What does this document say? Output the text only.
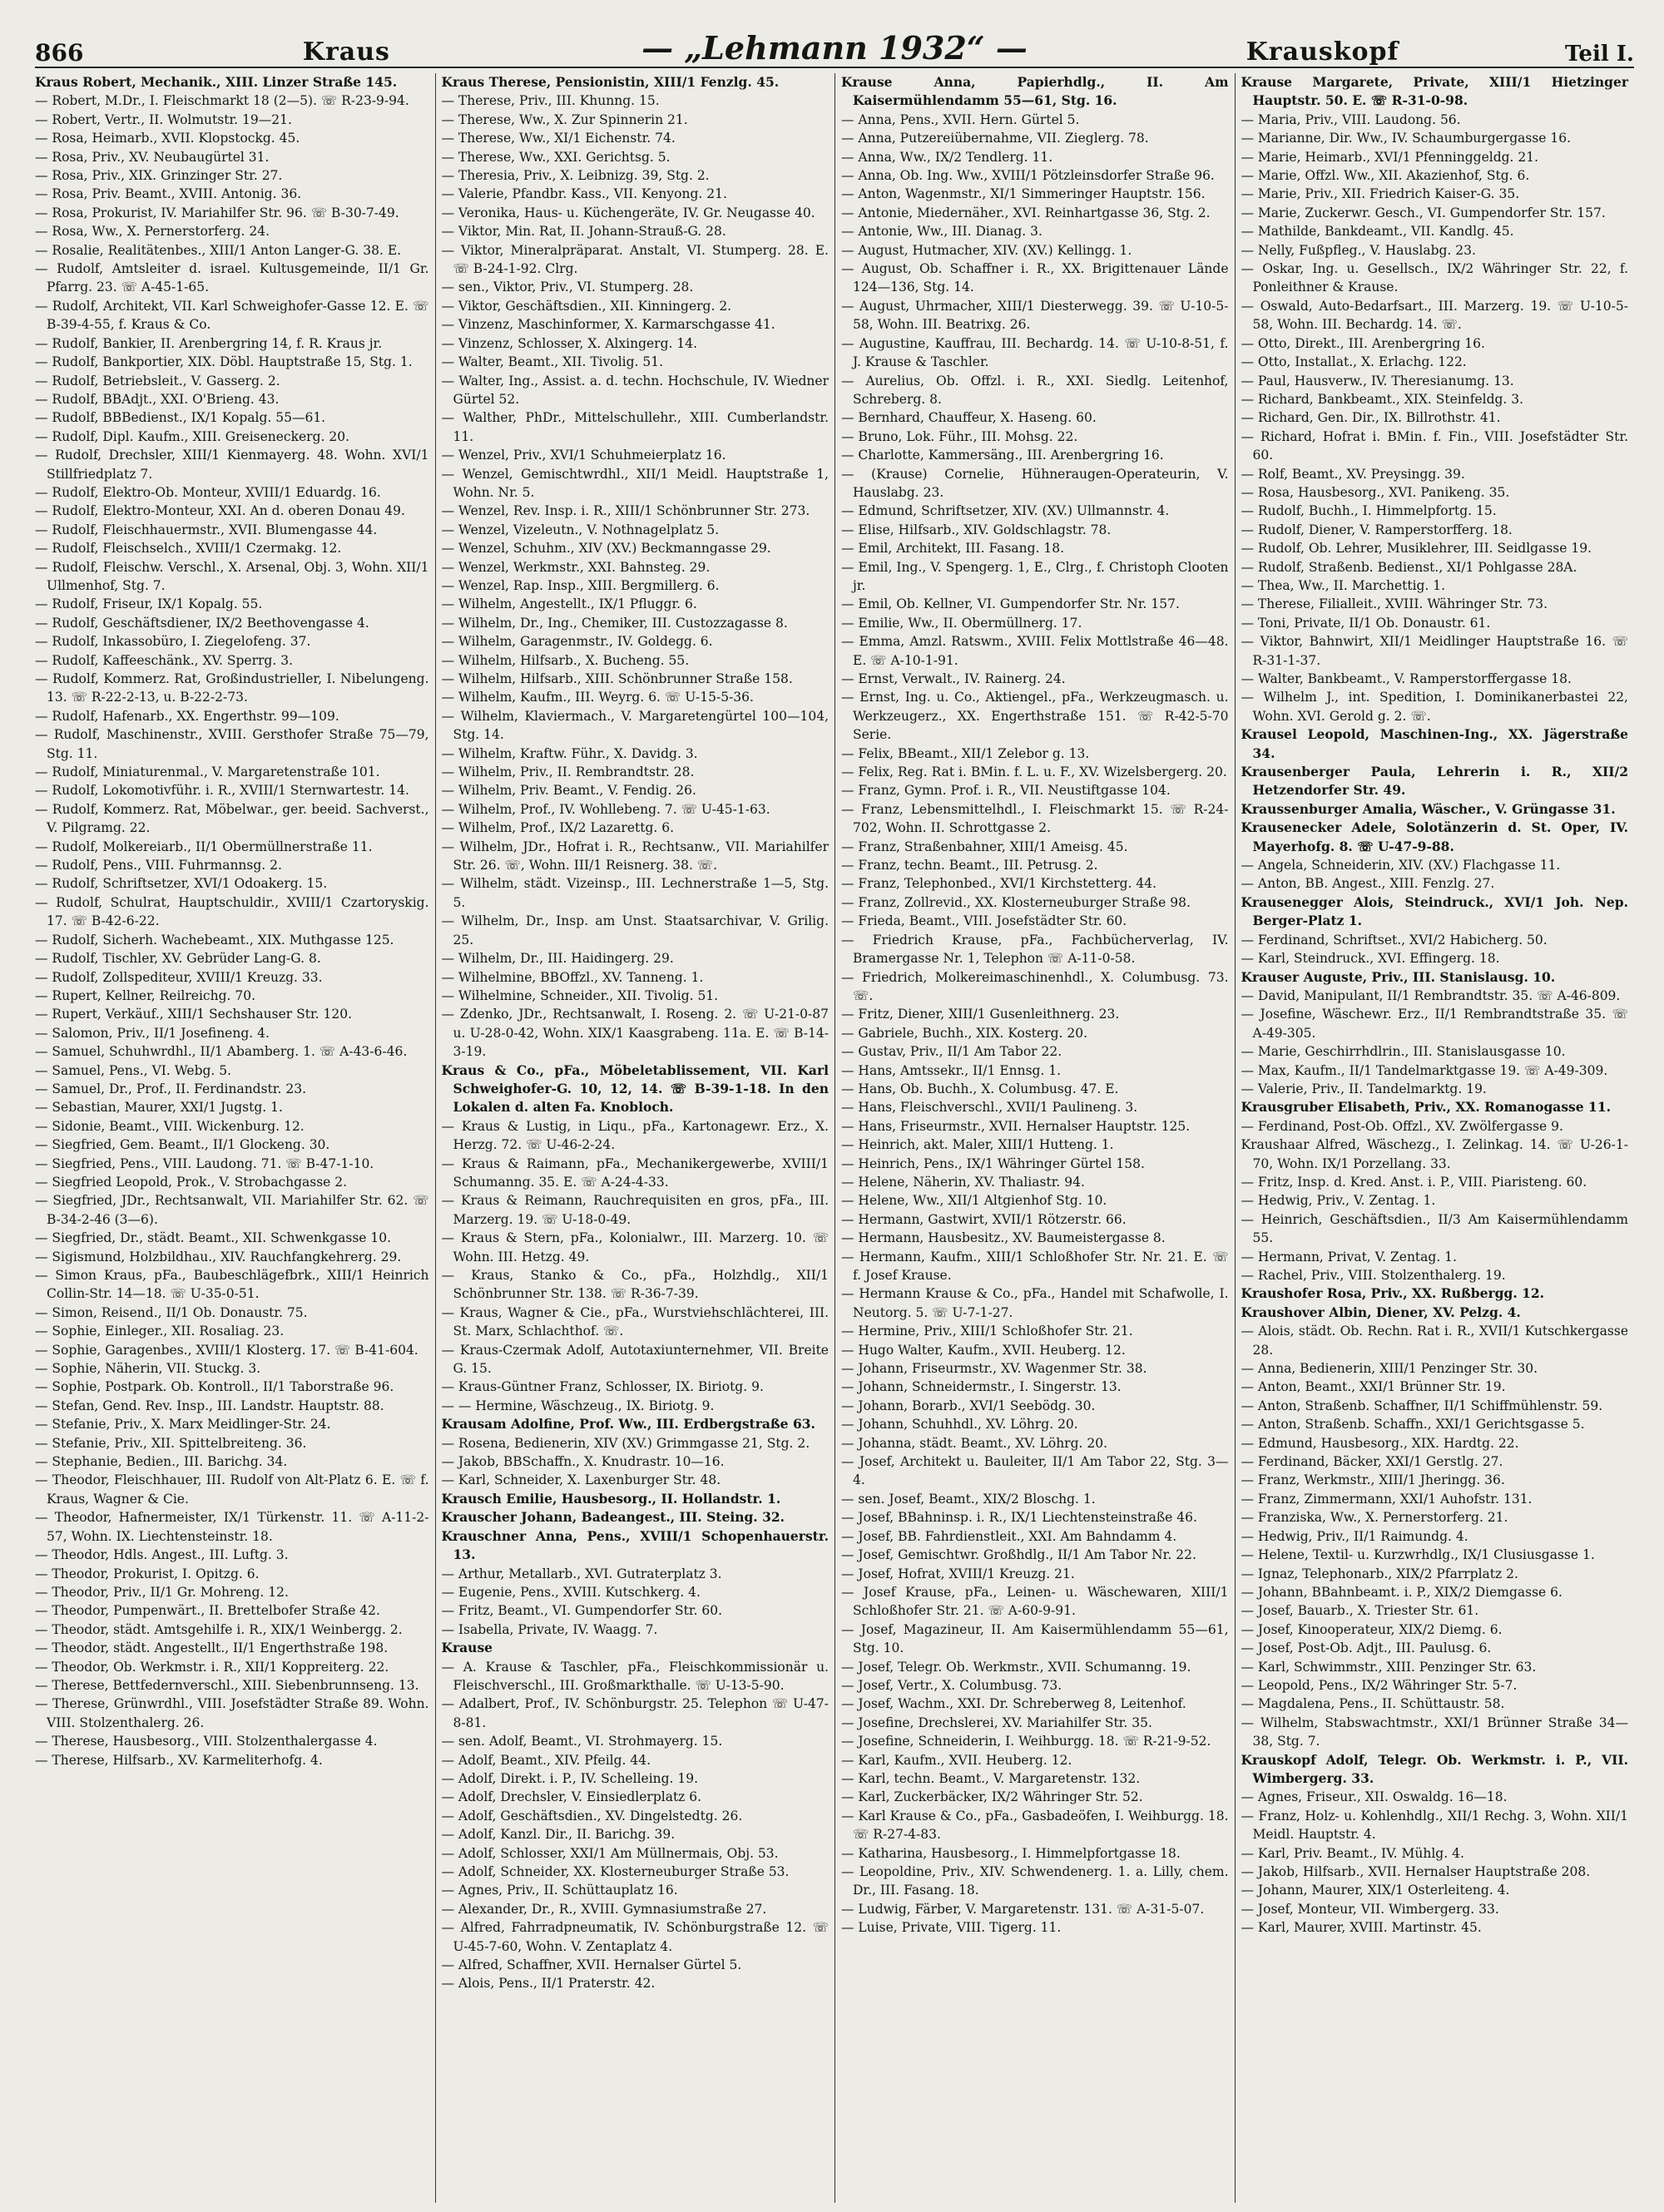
866	Kraus	— „Lehmann 1932“ —	Krauskopf	Teil I.

Kraus Robert, Mechanik., XIII. Linzer Straße 145.

— Robert, M.Dr., I. Fleischmarkt 18 (2—5). ☏ R-23-9-94.

— Robert, Vertr., II. Wolmutstr. 19—21.

— Rosa, Heimarb., XVII. Klopstockg. 45.

— Rosa, Priv., XV. Neubaugürtel 31.

— Rosa, Priv., XIX. Grinzinger Str. 27.

— Rosa, Priv. Beamt., XVIII. Antonig. 36.

— Rosa, Prokurist, IV. Mariahilfer Str. 96. ☏ B-30-7-49.

— Rosa, Ww., X. Pernerstorferg. 24.

— Rosalie, Realitätenbes., XIII/1 Anton Langer-G. 38. E.

— Rudolf, Amtsleiter d. israel. Kultusgemeinde, II/1 Gr. Pfarrg. 23. ☏ A-45-1-65.

— Rudolf, Architekt, VII. Karl Schweighofer-Gasse 12. E. ☏ B-39-4-55, f. Kraus & Co.

— Rudolf, Bankier, II. Arenbergring 14, f. R. Kraus jr.

— Rudolf, Bankportier, XIX. Döbl. Hauptstraße 15, Stg. 1.

— Rudolf, Betriebsleit., V. Gasserg. 2.

— Rudolf, BBAdjt., XXI. O'Brieng. 43.

— Rudolf, BBBedienst., IX/1 Kopalg. 55—61.

— Rudolf, Dipl. Kaufm., XIII. Greiseneckerg. 20.

— Rudolf, Drechsler, XIII/1 Kienmayerg. 48. Wohn. XVI/1 Stillfriedplatz 7.

— Rudolf, Elektro-Ob. Monteur, XVIII/1 Eduardg. 16.

— Rudolf, Elektro-Monteur, XXI. An d. oberen Donau 49.

— Rudolf, Fleischhauermstr., XVII. Blumengasse 44.

— Rudolf, Fleischselch., XVIII/1 Czermakg. 12.

— Rudolf, Fleischw. Verschl., X. Arsenal, Obj. 3, Wohn. XII/1 Ullmenhof, Stg. 7.

— Rudolf, Friseur, IX/1 Kopalg. 55.

— Rudolf, Geschäftsdiener, IX/2 Beethovengasse 4.

— Rudolf, Inkassobüro, I. Ziegelofeng. 37.

— Rudolf, Kaffeeschänk., XV. Sperrg. 3.

— Rudolf, Kommerz. Rat, Großindustrieller, I. Nibelungeng. 13. ☏ R-22-2-13, u. B-22-2-73.

— Rudolf, Hafenarb., XX. Engerthstr. 99—109.

— Rudolf, Maschinenstr., XVIII. Gersthofer Straße 75—79, Stg. 11.

— Rudolf, Miniaturenmal., V. Margaretenstraße 101.

— Rudolf, Lokomotivführ. i. R., XVIII/1 Sternwartestr. 14.

— Rudolf, Kommerz. Rat, Möbelwar., ger. beeid. Sachverst., V. Pilgramg. 22.

— Rudolf, Molkereiarb., II/1 Obermüllnerstraße 11.

— Rudolf, Pens., VIII. Fuhrmannsg. 2.

— Rudolf, Schriftsetzer, XVI/1 Odoakerg. 15.

— Rudolf, Schulrat, Hauptschuldir., XVIII/1 Czartoryskig. 17. ☏ B-42-6-22.

— Rudolf, Sicherh. Wachebeamt., XIX. Muthgasse 125.

— Rudolf, Tischler, XV. Gebrüder Lang-G. 8.

— Rudolf, Zollspediteur, XVIII/1 Kreuzg. 33.

— Rupert, Kellner, Reilreichg. 70.

— Rupert, Verkäuf., XIII/1 Sechshauser Str. 120.

— Salomon, Priv., II/1 Josefineng. 4.

— Samuel, Schuhwrdhl., II/1 Abamberg. 1. ☏ A-43-6-46.

— Samuel, Pens., VI. Webg. 5.

— Samuel, Dr., Prof., II. Ferdinandstr. 23.

— Sebastian, Maurer, XXI/1 Jugstg. 1.

— Sidonie, Beamt., VIII. Wickenburg. 12.

— Siegfried, Gem. Beamt., II/1 Glockeng. 30.

— Siegfried, Pens., VIII. Laudong. 71. ☏ B-47-1-10.

— Siegfried Leopold, Prok., V. Strobachgasse 2.

— Siegfried, JDr., Rechtsanwalt, VII. Mariahilfer Str. 62. ☏ B-34-2-46 (3—6).

— Siegfried, Dr., städt. Beamt., XII. Schwenkgasse 10.

— Sigismund, Holzbildhau., XIV. Rauchfangkehrerg. 29.

— Simon Kraus, pFa., Baubeschlägefbrk., XIII/1 Heinrich Collin-Str. 14—18. ☏ U-35-0-51.

— Simon, Reisend., II/1 Ob. Donaustr. 75.

— Sophie, Einleger., XII. Rosaliag. 23.

— Sophie, Garagenbes., XVIII/1 Klosterg. 17. ☏ B-41-604.

— Sophie, Näherin, VII. Stuckg. 3.

— Sophie, Postpark. Ob. Kontroll., II/1 Taborstraße 96.

— Stefan, Gend. Rev. Insp., III. Landstr. Hauptstr. 88.

— Stefanie, Priv., X. Marx Meidlinger-Str. 24.

— Stefanie, Priv., XII. Spittelbreiteng. 36.

— Stephanie, Bedien., III. Barichg. 34.

— Theodor, Fleischhauer, III. Rudolf von Alt-Platz 6. E. ☏ f. Kraus, Wagner & Cie.

— Theodor, Hafnermeister, IX/1 Türkenstr. 11. ☏ A-11-2-57, Wohn. IX. Liechtensteinstr. 18.

— Theodor, Hdls. Angest., III. Luftg. 3.

— Theodor, Prokurist, I. Opitzg. 6.

— Theodor, Priv., II/1 Gr. Mohreng. 12.

— Theodor, Pumpenwärt., II. Brettelbofer Straße 42.

— Theodor, städt. Amtsgehilfe i. R., XIX/1 Weinbergg. 2.

— Theodor, städt. Angestellt., II/1 Engerthstraße 198.

— Theodor, Ob. Werkmstr. i. R., XII/1 Koppreiterg. 22.

— Therese, Bettfedernverschl., XIII. Siebenbrunnseng. 13.

— Therese, Grünwrdhl., VIII. Josefstädter Straße 89. Wohn. VIII. Stolzenthalerg. 26.

— Therese, Hausbesorg., VIII. Stolzenthalergasse 4.

— Therese, Hilfsarb., XV. Karmeliterhofg. 4.

Kraus Therese, Pensionistin, XIII/1 Fenzlg. 45.

— Therese, Priv., III. Khunng. 15.

— Therese, Ww., X. Zur Spinnerin 21.

— Therese, Ww., XI/1 Eichenstr. 74.

— Therese, Ww., XXI. Gerichtsg. 5.

— Theresia, Priv., X. Leibnizg. 39, Stg. 2.

— Valerie, Pfandbr. Kass., VII. Kenyong. 21.

— Veronika, Haus- u. Küchengeräte, IV. Gr. Neugasse 40.

— Viktor, Min. Rat, II. Johann-Strauß-G. 28.

— Viktor, Mineralpräparat. Anstalt, VI. Stumperg. 28. E. ☏ B-24-1-92. Clrg.

— sen., Viktor, Priv., VI. Stumperg. 28.

— Viktor, Geschäftsdien., XII. Kinningerg. 2.

— Vinzenz, Maschinformer, X. Karmarschgasse 41.

— Vinzenz, Schlosser, X. Alxingerg. 14.

— Walter, Beamt., XII. Tivolig. 51.

— Walter, Ing., Assist. a. d. techn. Hochschule, IV. Wiedner Gürtel 52.

— Walther, PhDr., Mittelschullehr., XIII. Cumberlandstr. 11.

— Wenzel, Priv., XVI/1 Schuhmeierplatz 16.

— Wenzel, Gemischtwrdhl., XII/1 Meidl. Hauptstraße 1, Wohn. Nr. 5.

— Wenzel, Rev. Insp. i. R., XIII/1 Schönbrunner Str. 273.

— Wenzel, Vizeleutn., V. Nothnagelplatz 5.

— Wenzel, Schuhm., XIV (XV.) Beckmanngasse 29.

— Wenzel, Werkmstr., XXI. Bahnsteg. 29.

— Wenzel, Rap. Insp., XIII. Bergmillerg. 6.

— Wilhelm, Angestellt., IX/1 Pfluggr. 6.

— Wilhelm, Dr., Ing., Chemiker, III. Custozzagasse 8.

— Wilhelm, Garagenmstr., IV. Goldegg. 6.

— Wilhelm, Hilfsarb., X. Bucheng. 55.

— Wilhelm, Hilfsarb., XIII. Schönbrunner Straße 158.

— Wilhelm, Kaufm., III. Weyrg. 6. ☏ U-15-5-36.

— Wilhelm, Klaviermach., V. Margaretengürtel 100—104, Stg. 14.

— Wilhelm, Kraftw. Führ., X. Davidg. 3.

— Wilhelm, Priv., II. Rembrandtstr. 28.

— Wilhelm, Priv. Beamt., V. Fendig. 26.

— Wilhelm, Prof., IV. Wohllebeng. 7. ☏ U-45-1-63.

— Wilhelm, Prof., IX/2 Lazarettg. 6.

— Wilhelm, JDr., Hofrat i. R., Rechtsanw., VII. Mariahilfer Str. 26. ☏, Wohn. III/1 Reisnerg. 38. ☏.

— Wilhelm, städt. Vizeinsp., III. Lechnerstraße 1—5, Stg. 5.

— Wilhelm, Dr., Insp. am Unst. Staatsarchivar, V. Grilig. 25.

— Wilhelm, Dr., III. Haidingerg. 29.

— Wilhelmine, BBOffzl., XV. Tanneng. 1.

— Wilhelmine, Schneider., XII. Tivolig. 51.

— Zdenko, JDr., Rechtsanwalt, I. Roseng. 2. ☏ U-21-0-87 u. U-28-0-42, Wohn. XIX/1 Kaasgrabeng. 11a. E. ☏ B-14-3-19.

Kraus & Co., pFa., Möbeletablissement, VII. Karl Schweighofer-G. 10, 12, 14. ☏ B-39-1-18. In den Lokalen d. alten Fa. Knobloch.

— Kraus & Lustig, in Liqu., pFa., Kartonagewr. Erz., X. Herzg. 72. ☏ U-46-2-24.

— Kraus & Raimann, pFa., Mechanikergewerbe, XVIII/1 Schumanng. 35. E. ☏ A-24-4-33.

— Kraus & Reimann, Rauchrequisiten en gros, pFa., III. Marzerg. 19. ☏ U-18-0-49.

— Kraus & Stern, pFa., Kolonialwr., III. Marzerg. 10. ☏ Wohn. III. Hetzg. 49.

— Kraus, Stanko & Co., pFa., Holzhdlg., XII/1 Schönbrunner Str. 138. ☏ R-36-7-39.

— Kraus, Wagner & Cie., pFa., Wurstviehschlächterei, III. St. Marx, Schlachthof. ☏.

— Kraus-Czermak Adolf, Autotaxiunternehmer, VII. Breite G. 15.

— Kraus-Güntner Franz, Schlosser, IX. Biriotg. 9.

— — Hermine, Wäschzeug., IX. Biriotg. 9.

Krausam Adolfine, Prof. Ww., III. Erdbergstraße 63.

— Rosena, Bedienerin, XIV (XV.) Grimmgasse 21, Stg. 2.

— Jakob, BBSchaffn., X. Knudrastr. 10—16.

— Karl, Schneider, X. Laxenburger Str. 48.

Krausch Emilie, Hausbesorg., II. Hollandstr. 1.

Krauscher Johann, Badeangest., III. Steing. 32.

Krauschner Anna, Pens., XVIII/1 Schopenhauerstr. 13.

— Arthur, Metallarb., XVI. Gutraterplatz 3.

— Eugenie, Pens., XVIII. Kutschkerg. 4.

— Fritz, Beamt., VI. Gumpendorfer Str. 60.

— Isabella, Private, IV. Waagg. 7.

Krause

— A. Krause & Taschler, pFa., Fleischkommissionär u. Fleischverschl., III. Großmarkthalle. ☏ U-13-5-90.

— Adalbert, Prof., IV. Schönburgstr. 25. Telephon ☏ U-47-8-81.

— sen. Adolf, Beamt., VI. Strohmayerg. 15.

— Adolf, Beamt., XIV. Pfeilg. 44.

— Adolf, Direkt. i. P., IV. Schelleing. 19.

— Adolf, Drechsler, V. Einsiedlerplatz 6.

— Adolf, Geschäftsdien., XV. Dingelstedtg. 26.

— Adolf, Kanzl. Dir., II. Barichg. 39.

— Adolf, Schlosser, XXI/1 Am Müllnermais, Obj. 53.

— Adolf, Schneider, XX. Klosterneuburger Straße 53.

— Agnes, Priv., II. Schüttauplatz 16.

— Alexander, Dr., R., XVIII. Gymnasiumstraße 27.

— Alfred, Fahrradpneumatik, IV. Schönburgstraße 12. ☏ U-45-7-60, Wohn. V. Zentaplatz 4.

— Alfred, Schaffner, XVII. Hernalser Gürtel 5.

— Alois, Pens., II/1 Praterstr. 42.

Krause Anna, Papierhdlg., II. Am Kaisermühlendamm 55—61, Stg. 16.

— Anna, Pens., XVII. Hern. Gürtel 5.

— Anna, Putzereiübernahme, VII. Zieglerg. 78.

— Anna, Ww., IX/2 Tendlerg. 11.

— Anna, Ob. Ing. Ww., XVIII/1 Pötzleinsdorfer Straße 96.

— Anton, Wagenmstr., XI/1 Simmeringer Hauptstr. 156.

— Antonie, Miedernäher., XVI. Reinhartgasse 36, Stg. 2.

— Antonie, Ww., III. Dianag. 3.

— August, Hutmacher, XIV. (XV.) Kellingg. 1.

— August, Ob. Schaffner i. R., XX. Brigittenauer Lände 124—136, Stg. 14.

— August, Uhrmacher, XIII/1 Diesterwegg. 39. ☏ U-10-5-58, Wohn. III. Beatrixg. 26.

— Augustine, Kauffrau, III. Bechardg. 14. ☏ U-10-8-51, f. J. Krause & Taschler.

— Aurelius, Ob. Offzl. i. R., XXI. Siedlg. Leitenhof, Schreberg. 8.

— Bernhard, Chauffeur, X. Haseng. 60.

— Bruno, Lok. Führ., III. Mohsg. 22.

— Charlotte, Kammersäng., III. Arenbergring 16.

— (Krause) Cornelie, Hühneraugen-Operateurin, V. Hauslabg. 23.

— Edmund, Schriftsetzer, XIV. (XV.) Ullmannstr. 4.

— Elise, Hilfsarb., XIV. Goldschlagstr. 78.

— Emil, Architekt, III. Fasang. 18.

— Emil, Ing., V. Spengerg. 1, E., Clrg., f. Christoph Clooten jr.

— Emil, Ob. Kellner, VI. Gumpendorfer Str. Nr. 157.

— Emilie, Ww., II. Obermüllnerg. 17.

— Emma, Amzl. Ratswm., XVIII. Felix Mottlstraße 46—48. E. ☏ A-10-1-91.

— Ernst, Verwalt., IV. Rainerg. 24.

— Ernst, Ing. u. Co., Aktiengel., pFa., Werkzeugmasch. u. Werkzeugerz., XX. Engerthstraße 151. ☏ R-42-5-70 Serie.

— Felix, BBeamt., XII/1 Zelebor g. 13.

— Felix, Reg. Rat i. BMin. f. L. u. F., XV. Wizelsbergerg. 20.

— Franz, Gymn. Prof. i. R., VII. Neustiftgasse 104.

— Franz, Lebensmittelhdl., I. Fleischmarkt 15. ☏ R-24-702, Wohn. II. Schrottgasse 2.

— Franz, Straßenbahner, XIII/1 Ameisg. 45.

— Franz, techn. Beamt., III. Petrusg. 2.

— Franz, Telephonbed., XVI/1 Kirchstetterg. 44.

— Franz, Zollrevid., XX. Klosterneuburger Straße 98.

— Frieda, Beamt., VIII. Josefstädter Str. 60.

— Friedrich Krause, pFa., Fachbücherverlag, IV. Bramergasse Nr. 1, Telephon ☏ A-11-0-58.

— Friedrich, Molkereimaschinenhdl., X. Columbusg. 73. ☏.

— Fritz, Diener, XIII/1 Gusenleithnerg. 23.

— Gabriele, Buchh., XIX. Kosterg. 20.

— Gustav, Priv., II/1 Am Tabor 22.

— Hans, Amtssekr., II/1 Ennsg. 1.

— Hans, Ob. Buchh., X. Columbusg. 47. E.

— Hans, Fleischverschl., XVII/1 Paulineng. 3.

— Hans, Friseurmstr., XVII. Hernalser Hauptstr. 125.

— Heinrich, akt. Maler, XIII/1 Hutteng. 1.

— Heinrich, Pens., IX/1 Währinger Gürtel 158.

— Helene, Näherin, XV. Thaliastr. 94.

— Helene, Ww., XII/1 Altgienhof Stg. 10.

— Hermann, Gastwirt, XVII/1 Rötzerstr. 66.

— Hermann, Hausbesitz., XV. Baumeistergasse 8.

— Hermann, Kaufm., XIII/1 Schloßhofer Str. Nr. 21. E. ☏ f. Josef Krause.

— Hermann Krause & Co., pFa., Handel mit Schafwolle, I. Neutorg. 5. ☏ U-7-1-27.

— Hermine, Priv., XIII/1 Schloßhofer Str. 21.

— Hugo Walter, Kaufm., XVII. Heuberg. 12.

— Johann, Friseurmstr., XV. Wagenmer Str. 38.

— Johann, Schneidermstr., I. Singerstr. 13.

— Johann, Borarb., XVI/1 Seebödg. 30.

— Johann, Schuhhdl., XV. Löhrg. 20.

— Johanna, städt. Beamt., XV. Löhrg. 20.

— Josef, Architekt u. Bauleiter, II/1 Am Tabor 22, Stg. 3—4.

— sen. Josef, Beamt., XIX/2 Bloschg. 1.

— Josef, BBahninsp. i. R., IX/1 Liechtensteinstraße 46.

— Josef, BB. Fahrdienstleit., XXI. Am Bahndamm 4.

— Josef, Gemischtwr. Großhdlg., II/1 Am Tabor Nr. 22.

— Josef, Hofrat, XVIII/1 Kreuzg. 21.

— Josef Krause, pFa., Leinen- u. Wäschewaren, XIII/1 Schloßhofer Str. 21. ☏ A-60-9-91.

— Josef, Magazineur, II. Am Kaisermühlendamm 55—61, Stg. 10.

— Josef, Telegr. Ob. Werkmstr., XVII. Schumanng. 19.

— Josef, Vertr., X. Columbusg. 73.

— Josef, Wachm., XXI. Dr. Schreberweg 8, Leitenhof.

— Josefine, Drechslerei, XV. Mariahilfer Str. 35.

— Josefine, Schneiderin, I. Weihburgg. 18. ☏ R-21-9-52.

— Karl, Kaufm., XVII. Heuberg. 12.

— Karl, techn. Beamt., V. Margaretenstr. 132.

— Karl, Zuckerbäcker, IX/2 Währinger Str. 52.

— Karl Krause & Co., pFa., Gasbadeöfen, I. Weihburgg. 18. ☏ R-27-4-83.

— Katharina, Hausbesorg., I. Himmelpfortgasse 18.

— Leopoldine, Priv., XIV. Schwendenerg. 1. a. Lilly, chem. Dr., III. Fasang. 18.

— Ludwig, Färber, V. Margaretenstr. 131. ☏ A-31-5-07.

— Luise, Private, VIII. Tigerg. 11.

Krause Margarete, Private, XIII/1 Hietzinger Hauptstr. 50. E. ☏ R-31-0-98.

— Maria, Priv., VIII. Laudong. 56.

— Marianne, Dir. Ww., IV. Schaumburgergasse 16.

— Marie, Heimarb., XVI/1 Pfenninggeldg. 21.

— Marie, Offzl. Ww., XII. Akazienhof, Stg. 6.

— Marie, Priv., XII. Friedrich Kaiser-G. 35.

— Marie, Zuckerwr. Gesch., VI. Gumpendorfer Str. 157.

— Mathilde, Bankdeamt., VII. Kandlg. 45.

— Nelly, Fußpfleg., V. Hauslabg. 23.

— Oskar, Ing. u. Gesellsch., IX/2 Währinger Str. 22, f. Ponleithner & Krause.

— Oswald, Auto-Bedarfsart., III. Marzerg. 19. ☏ U-10-5-58, Wohn. III. Bechardg. 14. ☏.

— Otto, Direkt., III. Arenbergring 16.

— Otto, Installat., X. Erlachg. 122.

— Paul, Hausverw., IV. Theresianumg. 13.

— Richard, Bankbeamt., XIX. Steinfeldg. 3.

— Richard, Gen. Dir., IX. Billrothstr. 41.

— Richard, Hofrat i. BMin. f. Fin., VIII. Josefstädter Str. 60.

— Rolf, Beamt., XV. Preysingg. 39.

— Rosa, Hausbesorg., XVI. Panikeng. 35.

— Rudolf, Buchh., I. Himmelpfortg. 15.

— Rudolf, Diener, V. Ramperstorfferg. 18.

— Rudolf, Ob. Lehrer, Musiklehrer, III. Seidlgasse 19.

— Rudolf, Straßenb. Bedienst., XI/1 Pohlgasse 28A.

— Thea, Ww., II. Marchettig. 1.

— Therese, Filialleit., XVIII. Währinger Str. 73.

— Toni, Private, II/1 Ob. Donaustr. 61.

— Viktor, Bahnwirt, XII/1 Meidlinger Hauptstraße 16. ☏ R-31-1-37.

— Walter, Bankbeamt., V. Ramperstorffergasse 18.

— Wilhelm J., int. Spedition, I. Dominikanerbastei 22, Wohn. XVI. Gerold g. 2. ☏.

Krausel Leopold, Maschinen-Ing., XX. Jägerstraße 34.

Krausenberger Paula, Lehrerin i. R., XII/2 Hetzendorfer Str. 49.

Kraussenburger Amalia, Wäscher., V. Grüngasse 31.

Krausenecker Adele, Solotänzerin d. St. Oper, IV. Mayerhofg. 8. ☏ U-47-9-88.

— Angela, Schneiderin, XIV. (XV.) Flachgasse 11.

— Anton, BB. Angest., XIII. Fenzlg. 27.

Krausenegger Alois, Steindruck., XVI/1 Joh. Nep. Berger-Platz 1.

— Ferdinand, Schriftset., XVI/2 Habicherg. 50.

— Karl, Steindruck., XVI. Effingerg. 18.

Krauser Auguste, Priv., III. Stanislausg. 10.

— David, Manipulant, II/1 Rembrandtstr. 35. ☏ A-46-809.

— Josefine, Wäschewr. Erz., II/1 Rembrandtstraße 35. ☏ A-49-305.

— Marie, Geschirrhdlrin., III. Stanislausgasse 10.

— Max, Kaufm., II/1 Tandelmarktgasse 19. ☏ A-49-309.

— Valerie, Priv., II. Tandelmarktg. 19.

Krausgruber Elisabeth, Priv., XX. Romanogasse 11.

— Ferdinand, Post-Ob. Offzl., XV. Zwölfergasse 9.

Kraushaar Alfred, Wäschezg., I. Zelinkag. 14. ☏ U-26-1-70, Wohn. IX/1 Porzellang. 33.

— Fritz, Insp. d. Kred. Anst. i. P., VIII. Piaristeng. 60.

— Hedwig, Priv., V. Zentag. 1.

— Heinrich, Geschäftsdien., II/3 Am Kaisermühlendamm 55.

— Hermann, Privat, V. Zentag. 1.

— Rachel, Priv., VIII. Stolzenthalerg. 19.

Kraushofer Rosa, Priv., XX. Rußbergg. 12.

Kraushover Albin, Diener, XV. Pelzg. 4.

— Alois, städt. Ob. Rechn. Rat i. R., XVII/1 Kutschkergasse 28.

— Anna, Bedienerin, XIII/1 Penzinger Str. 30.

— Anton, Beamt., XXI/1 Brünner Str. 19.

— Anton, Straßenb. Schaffner, II/1 Schiffmühlenstr. 59.

— Anton, Straßenb. Schaffn., XXI/1 Gerichtsgasse 5.

— Edmund, Hausbesorg., XIX. Hardtg. 22.

— Ferdinand, Bäcker, XXI/1 Gerstlg. 27.

— Franz, Werkmstr., XIII/1 Jheringg. 36.

— Franz, Zimmermann, XXI/1 Auhofstr. 131.

— Franziska, Ww., X. Pernerstorferg. 21.

— Hedwig, Priv., II/1 Raimundg. 4.

— Helene, Textil- u. Kurzwrhdlg., IX/1 Clusiusgasse 1.

— Ignaz, Telephonarb., XIX/2 Pfarrplatz 2.

— Johann, BBahnbeamt. i. P., XIX/2 Diemgasse 6.

— Josef, Bauarb., X. Triester Str. 61.

— Josef, Kinooperateur, XIX/2 Diemg. 6.

— Josef, Post-Ob. Adjt., III. Paulusg. 6.

— Karl, Schwimmstr., XIII. Penzinger Str. 63.

— Leopold, Pens., IX/2 Währinger Str. 5-7.

— Magdalena, Pens., II. Schüttaustr. 58.

— Wilhelm, Stabswachtmstr., XXI/1 Brünner Straße 34—38, Stg. 7.

Krauskopf Adolf, Telegr. Ob. Werkmstr. i. P., VII. Wimbergerg. 33.

— Agnes, Friseur., XII. Oswaldg. 16—18.

— Franz, Holz- u. Kohlenhdlg., XII/1 Rechg. 3, Wohn. XII/1 Meidl. Hauptstr. 4.

— Karl, Priv. Beamt., IV. Mühlg. 4.

— Jakob, Hilfsarb., XVII. Hernalser Hauptstraße 208.

— Johann, Maurer, XIX/1 Osterleiteng. 4.

— Josef, Monteur, VII. Wimbergerg. 33.

— Karl, Maurer, XVIII. Martinstr. 45.
